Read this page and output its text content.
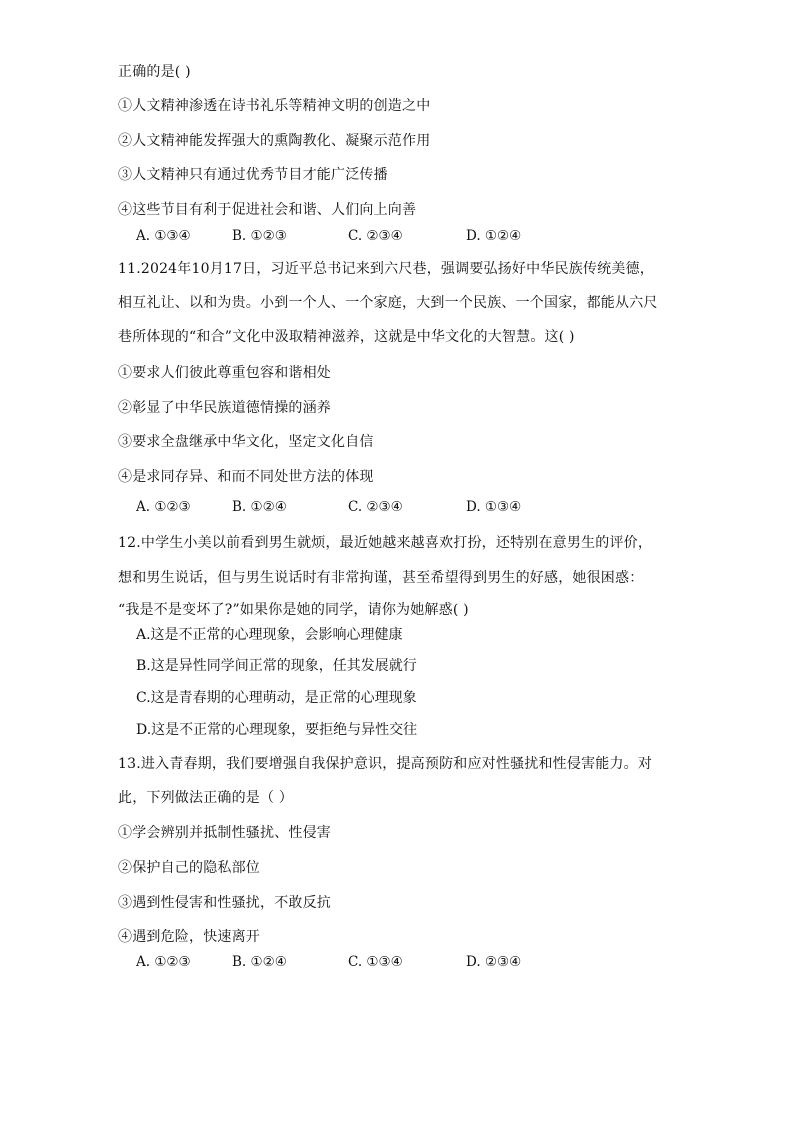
正确的是( )
①人文精神渗透在诗书礼乐等精神文明的创造之中
②人文精神能发挥强大的熏陶教化、凝聚示范作用
③人文精神只有通过优秀节目才能广泛传播
④这些节目有利于促进社会和谐、人们向上向善
A. ①③④	B. ①②③	C. ②③④	D. ①②④
11.2024年10月17日，习近平总书记来到六尺巷，强调要弘扬好中华民族传统美德，
相互礼让、以和为贵。小到一个人、一个家庭，大到一个民族、一个国家，都能从六尺
巷所体现的“和合”文化中汲取精神滋养，这就是中华文化的大智慧。这( )
①要求人们彼此尊重包容和谐相处
②彰显了中华民族道德情操的涵养
③要求全盘继承中华文化，坚定文化自信
④是求同存异、和而不同处世方法的体现
A. ①②③	B. ①②④	C. ②③④	D. ①③④
12.中学生小美以前看到男生就烦，最近她越来越喜欢打扮，还特别在意男生的评价，
想和男生说话，但与男生说话时有非常拘谨，甚至希望得到男生的好感，她很困惑：
“我是不是变坏了?”如果你是她的同学，请你为她解惑( )
A.这是不正常的心理现象，会影响心理健康
B.这是异性同学间正常的现象，任其发展就行
C.这是青春期的心理萌动，是正常的心理现象
D.这是不正常的心理现象，要拒绝与异性交往
13.进入青春期，我们要增强自我保护意识，提高预防和应对性骚扰和性侵害能力。对
此，下列做法正确的是（ ）
①学会辨别并抵制性骚扰、性侵害
②保护自己的隐私部位
③遇到性侵害和性骚扰，不敢反抗
④遇到危险，快速离开
A. ①②③	B. ①②④	C. ①③④	D. ②③④
